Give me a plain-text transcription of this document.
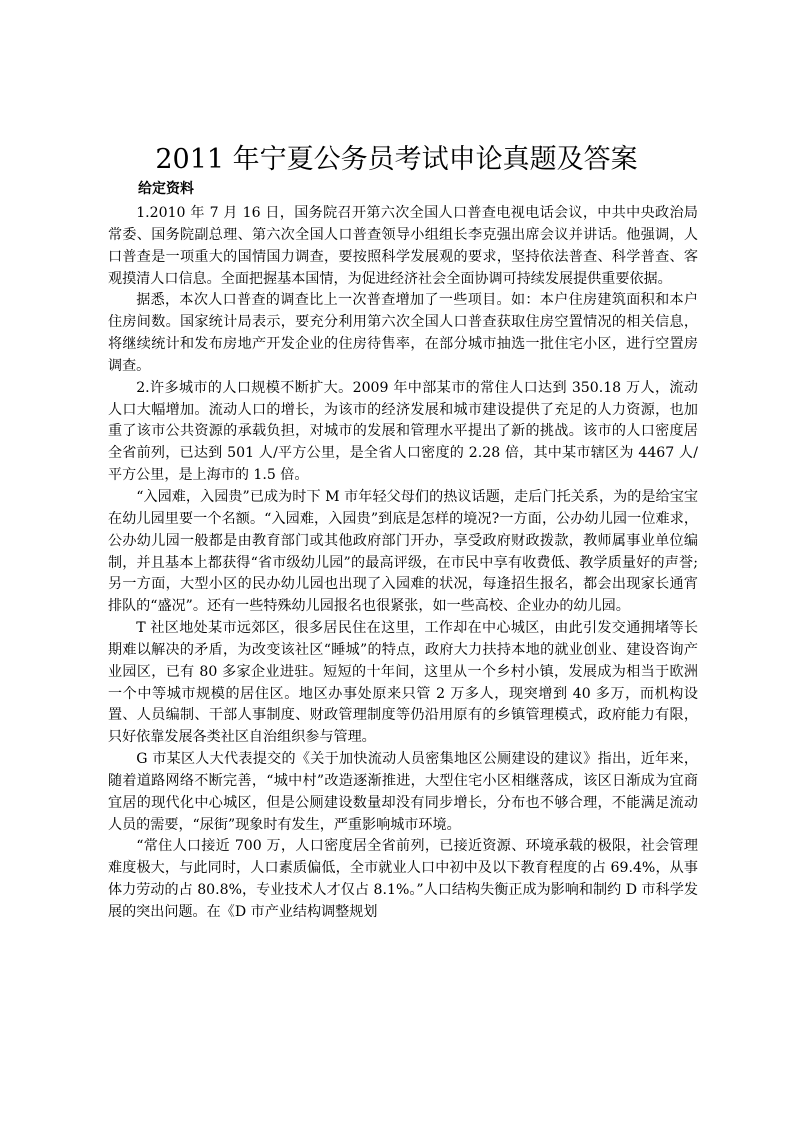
2011 年宁夏公务员考试申论真题及答案
给定资料

1.2010 年 7 月 16 日，国务院召开第六次全国人口普查电视电话会议，中共中央政治局常委、国务院副总理、第六次全国人口普查领导小组组长李克强出席会议并讲话。他强调，人口普查是一项重大的国情国力调查，要按照科学发展观的要求，坚持依法普查、科学普查、客观摸清人口信息。全面把握基本国情，为促进经济社会全面协调可持续发展提供重要依据。

据悉，本次人口普查的调查比上一次普查增加了一些项目。如：本户住房建筑面积和本户住房间数。国家统计局表示，要充分利用第六次全国人口普查获取住房空置情况的相关信息，将继续统计和发布房地产开发企业的住房待售率，在部分城市抽选一批住宅小区，进行空置房调查。

2.许多城市的人口规模不断扩大。2009 年中部某市的常住人口达到 350.18 万人，流动人口大幅增加。流动人口的增长，为该市的经济发展和城市建设提供了充足的人力资源，也加重了该市公共资源的承载负担，对城市的发展和管理水平提出了新的挑战。该市的人口密度居全省前列，已达到 501 人/平方公里，是全省人口密度的 2.28 倍，其中某市辖区为 4467 人/平方公里，是上海市的 1.5 倍。

“入园难，入园贵”已成为时下 M 市年轻父母们的热议话题，走后门托关系，为的是给宝宝在幼儿园里要一个名额。“入园难，入园贵”到底是怎样的境况?一方面，公办幼儿园一位难求，公办幼儿园一般都是由教育部门或其他政府部门开办，享受政府财政拨款，教师属事业单位编制，并且基本上都获得“省市级幼儿园”的最高评级，在市民中享有收费低、教学质量好的声誉;另一方面，大型小区的民办幼儿园也出现了入园难的状况，每逢招生报名，都会出现家长通宵排队的“盛况”。还有一些特殊幼儿园报名也很紧张，如一些高校、企业办的幼儿园。

T 社区地处某市远郊区，很多居民住在这里，工作却在中心城区，由此引发交通拥堵等长期难以解决的矛盾，为改变该社区“睡城”的特点，政府大力扶持本地的就业创业、建设咨询产业园区，已有 80 多家企业进驻。短短的十年间，这里从一个乡村小镇，发展成为相当于欧洲一个中等城市规模的居住区。地区办事处原来只管 2 万多人，现突增到 40 多万，而机构设置、人员编制、干部人事制度、财政管理制度等仍沿用原有的乡镇管理模式，政府能力有限，只好依靠发展各类社区自治组织参与管理。

G 市某区人大代表提交的《关于加快流动人员密集地区公厕建设的建议》指出，近年来，随着道路网络不断完善，“城中村”改造逐渐推进，大型住宅小区相继落成，该区日渐成为宜商宜居的现代化中心城区，但是公厕建设数量却没有同步增长，分布也不够合理，不能满足流动人员的需要，“尿街”现象时有发生，严重影响城市环境。

“常住人口接近 700 万，人口密度居全省前列，已接近资源、环境承载的极限，社会管理难度极大，与此同时，人口素质偏低，全市就业人口中初中及以下教育程度的占 69.4%，从事体力劳动的占 80.8%，专业技术人才仅占 8.1%。”人口结构失衡正成为影响和制约 D 市科学发展的突出问题。在《D 市产业结构调整规划
